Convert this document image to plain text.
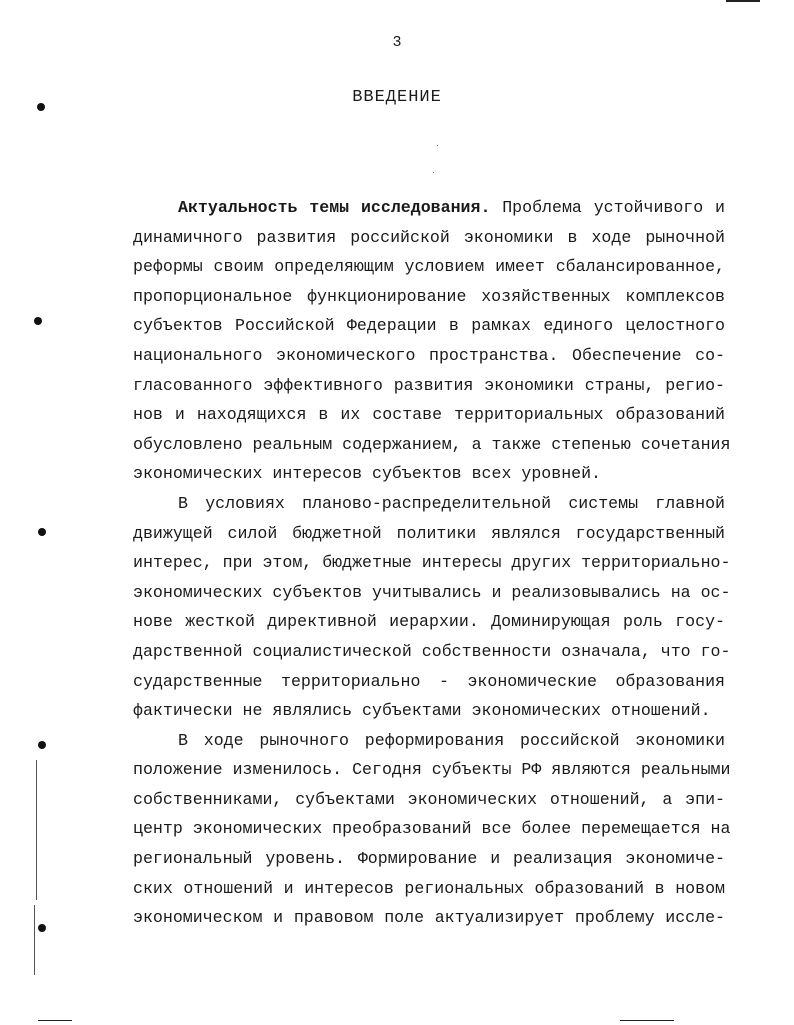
3
ВВЕДЕНИЕ
Актуальность темы исследования. Проблема устойчивого и
динамичного развития российской экономики в ходе рыночной
реформы своим определяющим условием имеет сбалансированное,
пропорциональное функционирование хозяйственных комплексов
субъектов Российской Федерации в рамках единого целостного
национального экономического пространства. Обеспечение со-
гласованного эффективного развития экономики страны, регио-
нов и находящихся в их составе территориальных образований
обусловлено реальным содержанием, а также степенью сочетания
экономических интересов субъектов всех уровней.
В условиях планово-распределительной системы главной
движущей силой бюджетной политики являлся государственный
интерес, при этом, бюджетные интересы других территориально-
экономических субъектов учитывались и реализовывались на ос-
нове жесткой директивной иерархии. Доминирующая роль госу-
дарственной социалистической собственности означала, что го-
сударственные территориально - экономические образования
фактически не являлись субъектами экономических отношений.
В ходе рыночного реформирования российской экономики
положение изменилось. Сегодня субъекты РФ являются реальными
собственниками, субъектами экономических отношений, а эпи-
центр экономических преобразований все более перемещается на
региональный уровень. Формирование и реализация экономиче-
ских отношений и интересов региональных образований в новом
экономическом и правовом поле актуализирует проблему иссле-
